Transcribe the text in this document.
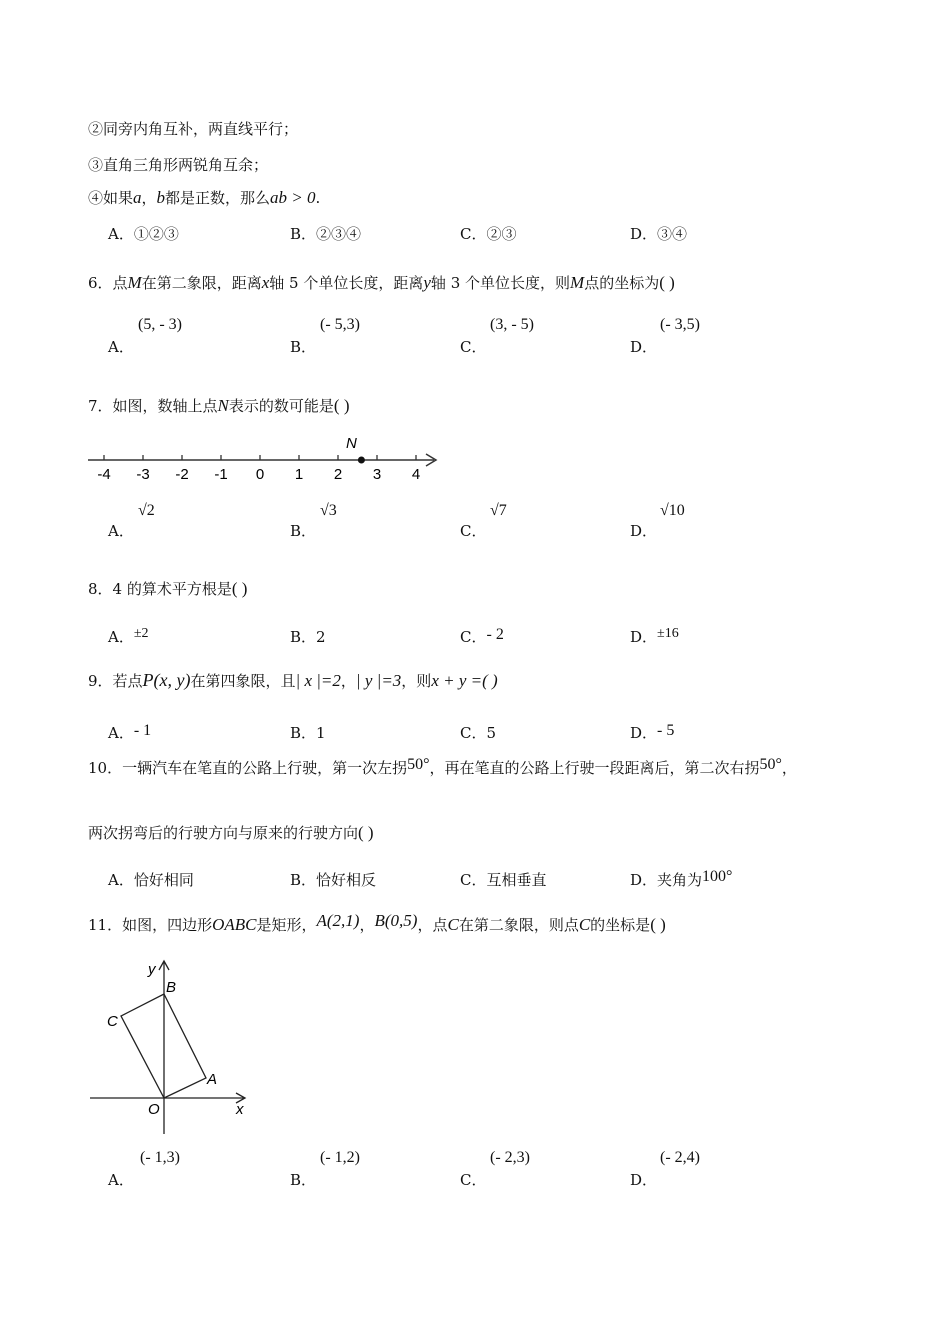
②同旁内角互补，两直线平行；
③直角三角形两锐角互余；
④如果a，b都是正数，那么ab > 0.
A．①②③	B．②③④	C．②③	D．③④
6．点M在第二象限，距离x轴 5 个单位长度，距离y轴 3 个单位长度，则M点的坐标为( )
A．
(5, - 3)
B．
(- 5,3)
C．
(3, - 5)
D．
(- 3,5)
7．如图，数轴上点N表示的数可能是( )
-4 -3 -2 -1 0 1 2 3 4
N
A．
√2
B．
√3
C．
√7
D．
√10
8．4 的算术平方根是( )
A．±2	B．2	C．- 2	D．±16
9．若点P(x, y)在第四象限，且| x |=2，| y |=3，则x + y =( )
A．- 1	B．1	C．5	D．- 5
10．一辆汽车在笔直的公路上行驶，第一次左拐50°，再在笔直的公路上行驶一段距离后，第二次右拐50°，
两次拐弯后的行驶方向与原来的行驶方向( )
A．恰好相同	B．恰好相反	C．互相垂直	D．夹角为100°
11．如图，四边形OABC是矩形，A(2,1)，B(0,5)，点C在第二象限，则点C的坐标是( )
y
x
B
C
A
O
A．
(- 1,3)
B．
(- 1,2)
C．
(- 2,3)
D．
(- 2,4)
